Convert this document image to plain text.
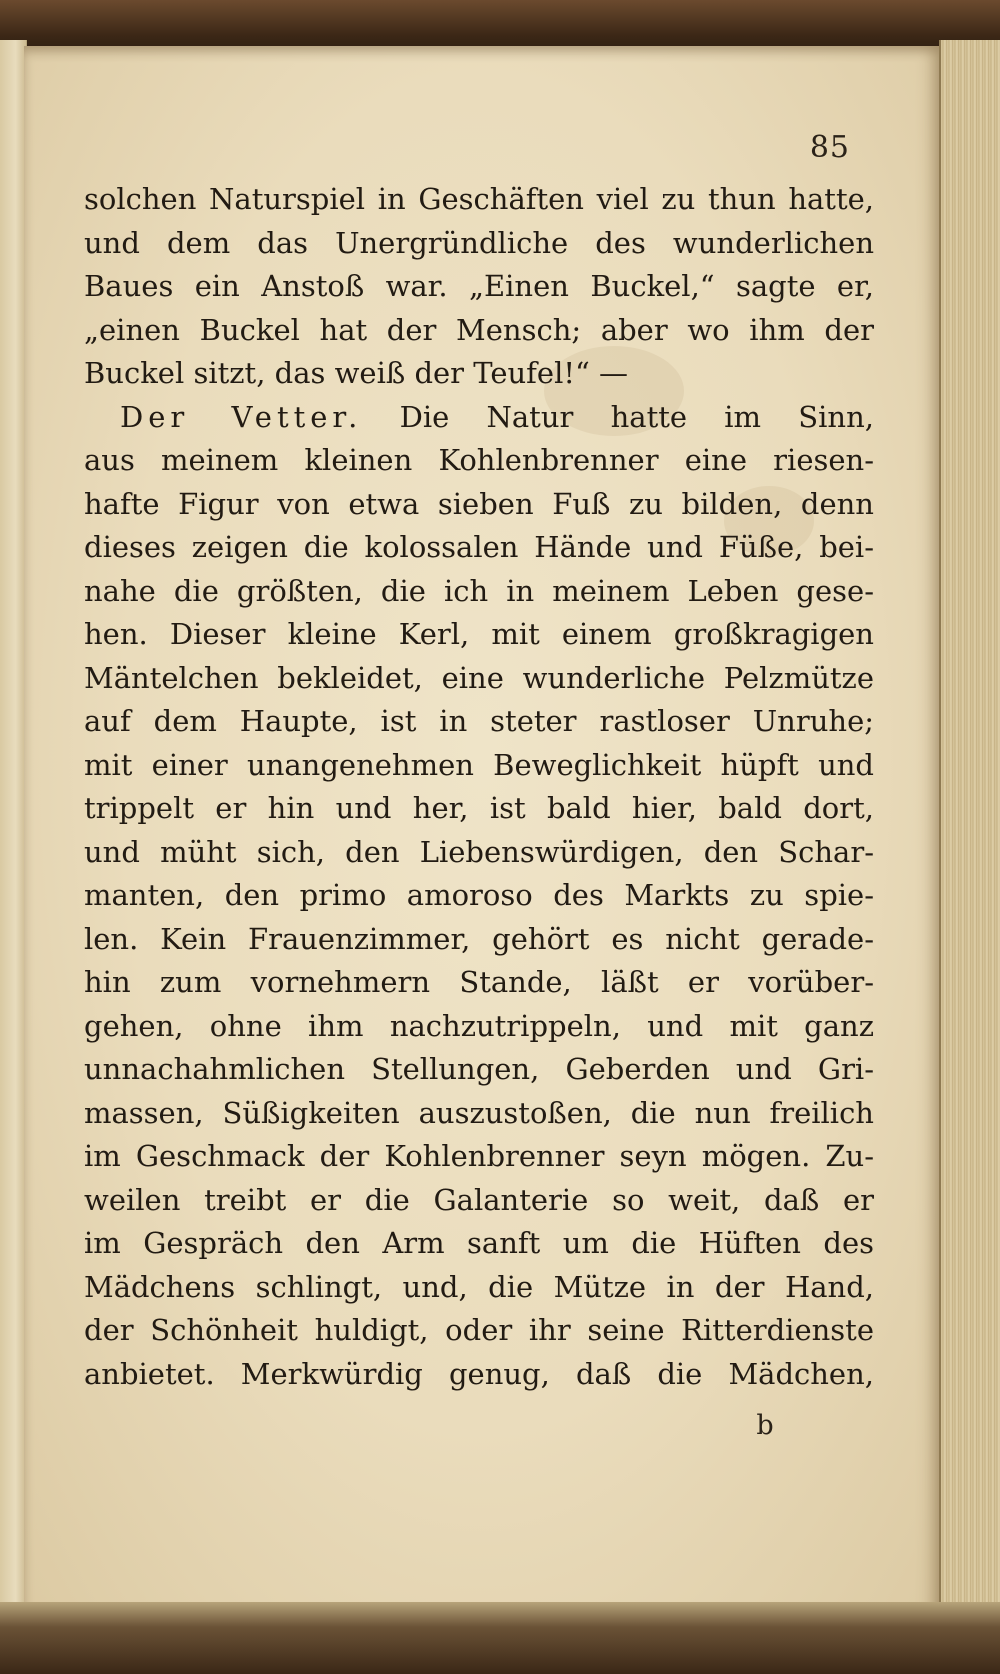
85
solchen Naturspiel in Geschäften viel zu thun hatte,
und dem das Unergründliche des wunderlichen
Baues ein Anstoß war. „Einen Buckel,“ sagte er,
„einen Buckel hat der Mensch; aber wo ihm der
Buckel sitzt, das weiß der Teufel!“ —
Der Vetter. Die Natur hatte im Sinn,
aus meinem kleinen Kohlenbrenner eine riesen-
hafte Figur von etwa sieben Fuß zu bilden, denn
dieses zeigen die kolossalen Hände und Füße, bei-
nahe die größten, die ich in meinem Leben gese-
hen. Dieser kleine Kerl, mit einem großkragigen
Mäntelchen bekleidet, eine wunderliche Pelzmütze
auf dem Haupte, ist in steter rastloser Unruhe;
mit einer unangenehmen Beweglichkeit hüpft und
trippelt er hin und her, ist bald hier, bald dort,
und müht sich, den Liebenswürdigen, den Schar-
manten, den primo amoroso des Markts zu spie-
len. Kein Frauenzimmer, gehört es nicht gerade-
hin zum vornehmern Stande, läßt er vorüber-
gehen, ohne ihm nachzutrippeln, und mit ganz
unnachahmlichen Stellungen, Geberden und Gri-
massen, Süßigkeiten auszustoßen, die nun freilich
im Geschmack der Kohlenbrenner seyn mögen. Zu-
weilen treibt er die Galanterie so weit, daß er
im Gespräch den Arm sanft um die Hüften des
Mädchens schlingt, und, die Mütze in der Hand,
der Schönheit huldigt, oder ihr seine Ritterdienste
anbietet. Merkwürdig genug, daß die Mädchen,
b
